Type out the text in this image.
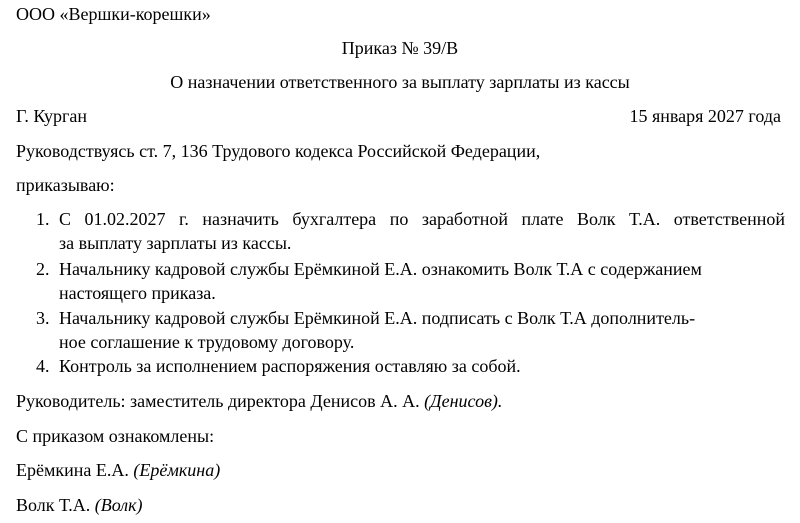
ООО «Вершки-корешки»
Приказ № 39/В
О назначении ответственного за выплату зарплаты из кассы
Г. Курган	15 января 2027 года
Руководствуясь ст. 7, 136 Трудового кодекса Российской Федерации,
приказываю:
1. С 01.02.2027 г. назначить бухгалтера по заработной плате Волк Т.А. ответственной
за выплату зарплаты из кассы.
2. Начальнику кадровой службы Ерёмкиной Е.А. ознакомить Волк Т.А с содержанием
настоящего приказа.
3. Начальнику кадровой службы Ерёмкиной Е.А. подписать с Волк Т.А дополнитель-
ное соглашение к трудовому договору.
4. Контроль за исполнением распоряжения оставляю за собой.
Руководитель: заместитель директора Денисов А. А. (Денисов).
С приказом ознакомлены:
Ерёмкина Е.А. (Ерёмкина)
Волк Т.А. (Волк)
